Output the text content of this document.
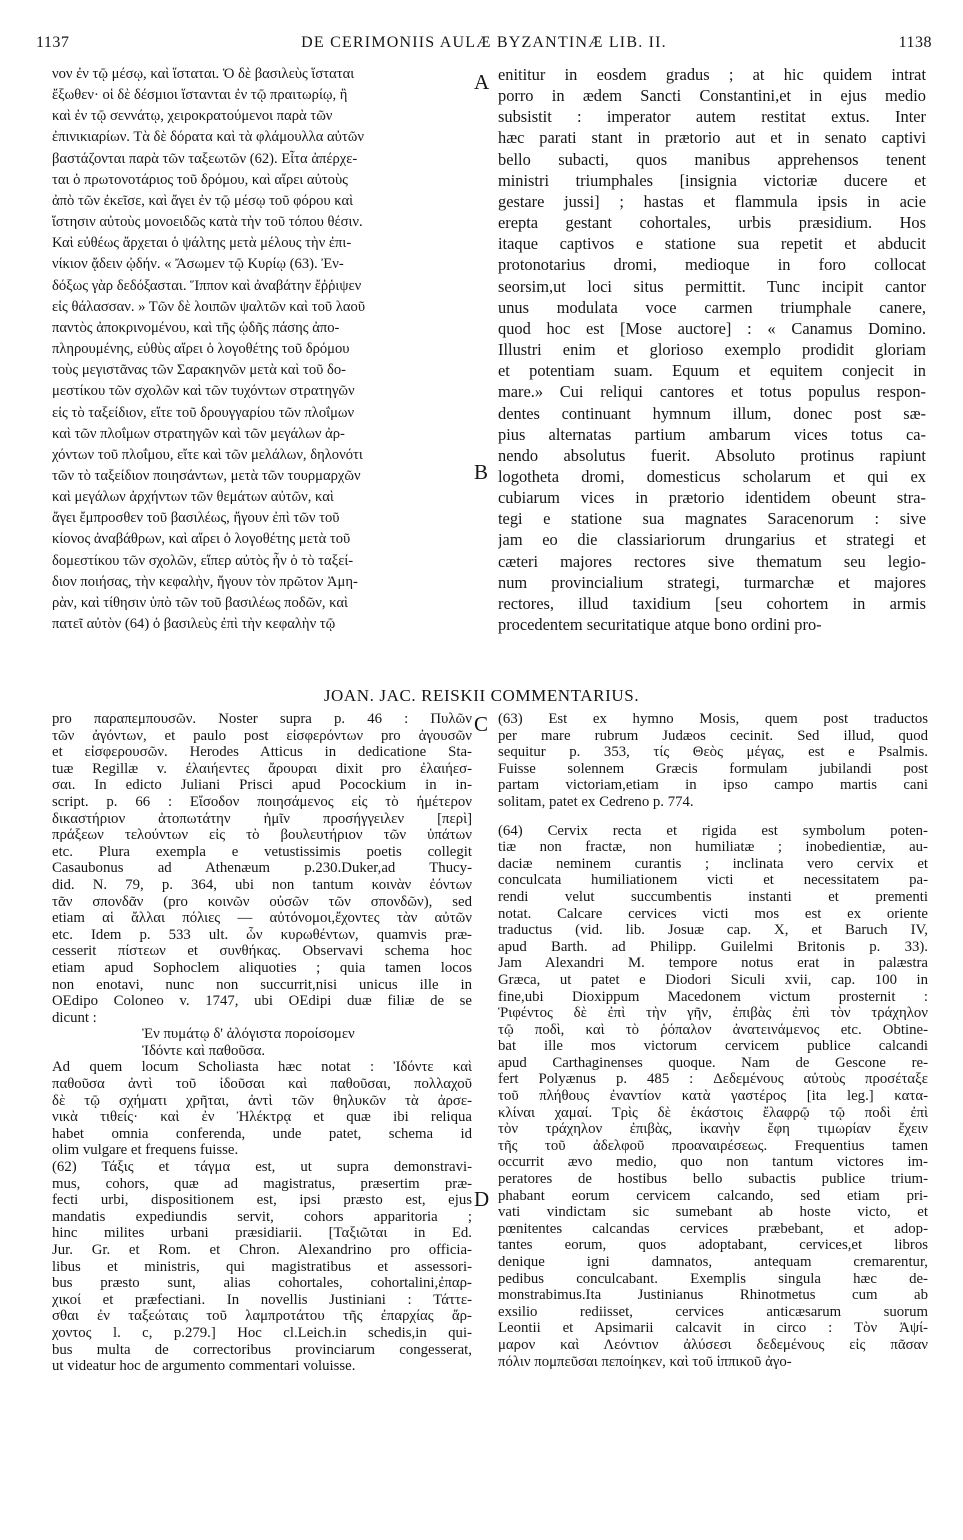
1137	DE CERIMONIIS AULÆ BYZANTINÆ LIB. II.	1138
A
B
C
D
νον ἐν τῷ μέσῳ, καὶ ἵσταται. Ὁ δὲ βασιλεὺς ἵσταται
ἔξωθεν· οἱ δὲ δέσμιοι ἵστανται ἐν τῷ πραιτωρίῳ, ἢ
καὶ ἐν τῷ σεννάτῳ, χειροκρατούμενοι παρὰ τῶν
ἐπινικιαρίων. Τὰ δὲ δόρατα καὶ τὰ φλάμουλλα αὐτῶν
βαστάζονται παρὰ τῶν ταξεωτῶν (62). Εἶτα ἀπέρχε-
ται ὁ πρωτονοτάριος τοῦ δρόμου, καὶ αἴρει αὐτοὺς
ἀπὸ τῶν ἐκεῖσε, καὶ ἄγει ἐν τῷ μέσῳ τοῦ φόρου καὶ
ἵστησιν αὐτοὺς μονοειδῶς κατὰ τὴν τοῦ τόπου θέσιν.
Καὶ εὐθέως ἄρχεται ὁ ψάλτης μετὰ μέλους τὴν ἐπι-
νίκιον ᾄδειν ᾠδήν. « Ἄσωμεν τῷ Κυρίῳ (63). Ἐν-
δόξως γὰρ δεδόξασται. Ἵππον καὶ ἀναβάτην ἔῤῥιψεν
εἰς θάλασσαν. » Τῶν δὲ λοιπῶν ψαλτῶν καὶ τοῦ λαοῦ
παντὸς ἀποκρινομένου, καὶ τῆς ᾠδῆς πάσης ἀπο-
πληρουμένης, εὐθὺς αἴρει ὁ λογοθέτης τοῦ δρόμου
τοὺς μεγιστᾶνας τῶν Σαρακηνῶν μετὰ καὶ τοῦ δο-
μεστίκου τῶν σχολῶν καὶ τῶν τυχόντων στρατηγῶν
εἰς τὸ ταξείδιον, εἴτε τοῦ δρουγγαρίου τῶν πλοΐμων
καὶ τῶν πλοΐμων στρατηγῶν καὶ τῶν μεγάλων ἀρ-
χόντων τοῦ πλοΐμου, εἴτε καὶ τῶν μελάλων, δηλονότι
τῶν τὸ ταξείδιον ποιησάντων, μετὰ τῶν τουρμαρχῶν
καὶ μεγάλων ἀρχήντων τῶν θεμάτων αὐτῶν, καὶ
ἄγει ἔμπροσθεν τοῦ βασιλέως, ἤγουν ἐπὶ τῶν τοῦ
κίονος ἀναβάθρων, καὶ αἴρει ὁ λογοθέτης μετὰ τοῦ
δομεστίκου τῶν σχολῶν, εἴπερ αὐτὸς ἦν ὁ τὸ ταξεί-
διον ποιήσας, τὴν κεφαλὴν, ἤγουν τὸν πρῶτον Ἀμη-
ρὰν, καὶ τίθησιν ὑπὸ τῶν τοῦ βασιλέως ποδῶν, καὶ
πατεῖ αὐτὸν (64) ὁ βασιλεὺς ἐπὶ τὴν κεφαλὴν τῷ
enititur in eosdem gradus ; at hic quidem intrat
porro in ædem Sancti Constantini,et in ejus medio
subsistit : imperator autem restitat extus. Inter
hæc parati stant in prætorio aut et in senato captivi
bello subacti, quos manibus apprehensos tenent
ministri triumphales [insignia victoriæ ducere et
gestare jussi] ; hastas et flammula ipsis in acie
erepta gestant cohortales, urbis præsidium. Hos
itaque captivos e statione sua repetit et abducit
protonotarius dromi, medioque in foro collocat
seorsim,ut loci situs permittit. Tunc incipit cantor
unus modulata voce carmen triumphale canere,
quod hoc est [Mose auctore] : « Canamus Domino.
Illustri enim et glorioso exemplo prodidit gloriam
et potentiam suam. Equum et equitem conjecit in
mare.» Cui reliqui cantores et totus populus respon-
dentes continuant hymnum illum, donec post sæ-
pius alternatas partium ambarum vices totus ca-
nendo absolutus fuerit. Absoluto protinus rapiunt
logotheta dromi, domesticus scholarum et qui ex
cubiarum vices in prætorio identidem obeunt stra-
tegi e statione sua magnates Saracenorum : sive
jam eo die classiariorum drungarius et strategi et
cæteri majores rectores sive thematum seu legio-
num provincialium strategi, turmarchæ et majores
rectores, illud taxidium [seu cohortem in armis
procedentem securitatique atque bono ordini pro-
JOAN. JAC. REISKII COMMENTARIUS.
pro παραπεμπουσῶν. Noster supra p. 46 : Πυλῶν
τῶν ἀγόντων, et paulo post εἰσφερόντων pro ἀγουσῶν
et εἰσφερουσῶν. Herodes Atticus in dedicatione Sta-
tuæ Regillæ v. ἐλαιήεντες ἄρουραι dixit pro ἐλαιήεσ-
σαι. In edicto Juliani Prisci apud Pocockium in in-
script. p. 66 : Εἴσοδον ποιησάμενος εἰς τὸ ἡμέτερον
δικαστήριον ἀτοπωτάτην ἡμῖν προσήγγειλεν [περὶ]
πράξεων τελούντων εἰς τὸ βουλευτήριον τῶν ὑπάτων
etc. Plura exempla e vetustissimis poetis collegit
Casaubonus ad Athenæum p.230.Duker,ad Thucy-
did. N. 79, p. 364, ubi non tantum κοινὰν ἐόντων
τᾶν σπονδᾶν (pro κοινῶν οὐσῶν τῶν σπονδῶν), sed
etiam αἱ ἄλλαι πόλιες — αὐτόνομοι,ἔχοντες τὰν αὐτῶν
etc. Idem p. 533 ult. ὧν κυρωθέντων, quamvis præ-
cesserit πίστεων et συνθήκας. Observavi schema hoc
etiam apud Sophoclem aliquoties ; quia tamen locos
non enotavi, nunc non succurrit,nisi unicus ille in
OEdipo Coloneo v. 1747, ubi OEdipi duæ filiæ de se
dicunt :
Ἐν πυμάτῳ δ' ἀλόγιστα ποροίσομεν
Ἰδόντε καὶ παθοῦσα.
Ad quem locum Scholiasta hæc notat : Ἰδόντε καὶ
παθοῦσα ἀντὶ τοῦ ἰδοῦσαι καὶ παθοῦσαι, πολλαχοῦ
δὲ τῷ σχήματι χρῆται, ἀντὶ τῶν θηλυκῶν τὰ ἀρσε-
νικὰ τιθείς· καὶ ἐν Ἠλέκτρᾳ et quæ ibi reliqua
habet omnia conferenda, unde patet, schema id
olim vulgare et frequens fuisse.
(62) Τάξις et τάγμα est, ut supra demonstravi-
mus, cohors, quæ ad magistratus, præsertim præ-
fecti urbi, dispositionem est, ipsi præsto est, ejus
mandatis expediundis servit, cohors apparitoria ;
hinc milites urbani præsidiarii. [Ταξιῶται in Ed.
Jur. Gr. et Rom. et Chron. Alexandrino pro officia-
libus et ministris, qui magistratibus et assessori-
bus præsto sunt, alias cohortales, cohortalini,ἐπαρ-
χικοί et præfectiani. In novellis Justiniani : Τάττε-
σθαι ἐν ταξεώταις τοῦ λαμπροτάτου τῆς ἐπαρχίας ἄρ-
χοντος l. c, p.279.] Hoc cl.Leich.in schedis,in qui-
bus multa de correctoribus provinciarum congesserat,
ut videatur hoc de argumento commentari voluisse.
(63) Est ex hymno Mosis, quem post traductos
per mare rubrum Judæos cecinit. Sed illud, quod
sequitur p. 353, τίς Θεὸς μέγας, est e Psalmis.
Fuisse solennem Græcis formulam jubilandi post
partam victoriam,etiam in ipso campo martis cani
solitam, patet ex Cedreno p. 774.
(64) Cervix recta et rigida est symbolum poten-
tiæ non fractæ, non humiliatæ ; inobedientiæ, au-
daciæ neminem curantis ; inclinata vero cervix et
conculcata humiliationem victi et necessitatem pa-
rendi velut succumbentis instanti et prementi
notat. Calcare cervices victi mos est ex oriente
traductus (vid. lib. Josuæ cap. X, et Baruch IV,
apud Barth. ad Philipp. Guilelmi Britonis p. 33).
Jam Alexandri M. tempore notus erat in palæstra
Græca, ut patet e Diodori Siculi xvii, cap. 100 in
fine,ubi Dioxippum Macedonem victum prosternit :
Ῥιφέντος δὲ ἐπὶ τὴν γῆν, ἐπιβὰς ἐπὶ τὸν τράχηλον
τῷ ποδὶ, καὶ τὸ ῥόπαλον ἀνατεινάμενος etc. Obtine-
bat ille mos victorum cervicem publice calcandi
apud Carthaginenses quoque. Nam de Gescone re-
fert Polyænus p. 485 : Δεδεμένους αὐτοὺς προσέταξε
τοῦ πλήθους ἐναντίον κατὰ γαστέρος [ita leg.] κατα-
κλίναι χαμαί. Τρὶς δὲ ἑκάστοις ἔλαφρῷ τῷ ποδὶ ἐπὶ
τὸν τράχηλον ἐπιβὰς, ἱκανὴν ἔφη τιμωρίαν ἔχειν
τῆς τοῦ ἀδελφοῦ προαναιρέσεως. Frequentius tamen
occurrit ævo medio, quo non tantum victores im-
peratores de hostibus bello subactis publice trium-
phabant eorum cervicem calcando, sed etiam pri-
vati vindictam sic sumebant ab hoste victo, et
pœnitentes calcandas cervices præbebant, et adop-
tantes eorum, quos adoptabant, cervices,et libros
denique igni damnatos, antequam cremarentur,
pedibus conculcabant. Exemplis singula hæc de-
monstrabimus.Ita Justinianus Rhinotmetus cum ab
exsilio rediisset, cervices anticæsarum suorum
Leontii et Apsimarii calcavit in circo : Τὸν Ἀψί-
μαρον καὶ Λεόντιον ἀλύσεσι δεδεμένους εἰς πᾶσαν
πόλιν πομπεῦσαι πεποίηκεν, καὶ τοῦ ἱππικοῦ ἀγο-
